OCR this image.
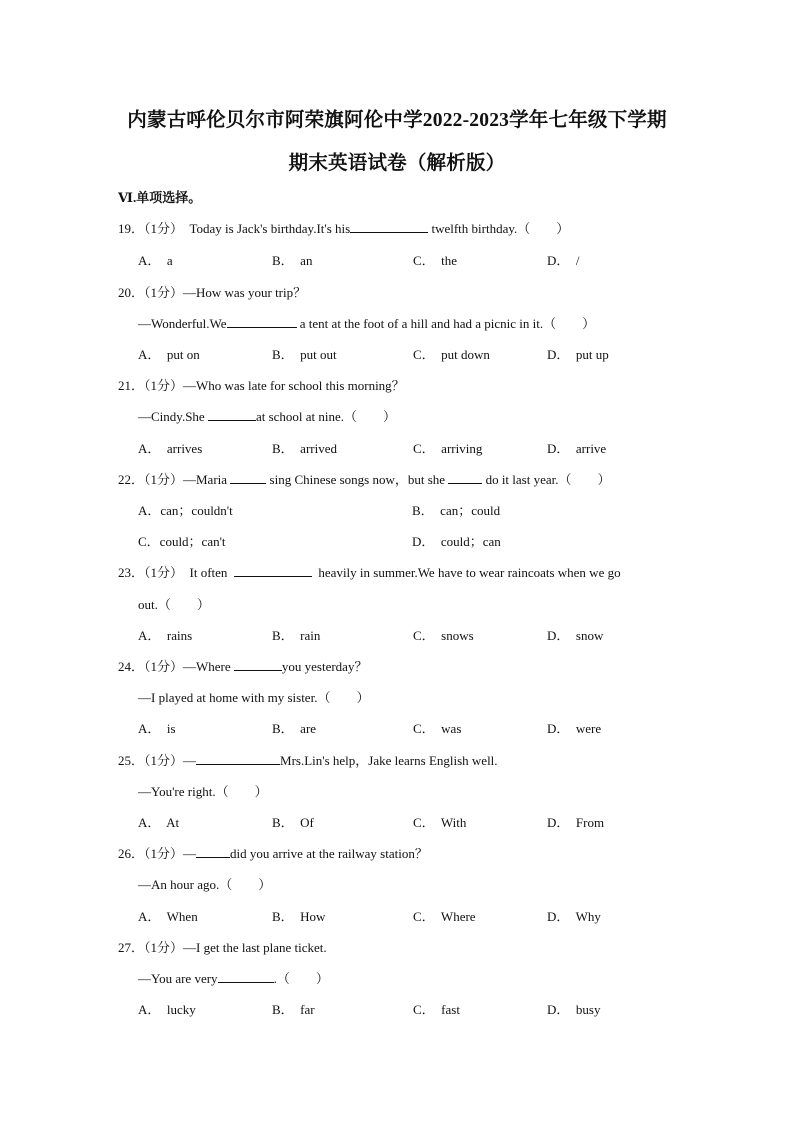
内蒙古呼伦贝尔市阿荣旗阿伦中学2022-2023学年七年级下学期
期末英语试卷（解析版）
Ⅵ.单项选择。
19．（1分）　Today is Jack's birthday.It's his	twelfth birthday.（　　）
A．  a	B．  an	C．  the	D．  /
20．（1分）—How was your trip？
—Wonderful.We	a tent at the foot of a hill and had a picnic in it.（　　）
A．  put on	B．  put out	C．  put down	D．  put up
21．（1分）—Who was late for school this morning？
—Cindy.She	at school at nine.（　　）
A．  arrives	B．  arrived	C．  arriving	D．  arrive
22．（1分）—Maria	sing Chinese songs now，but she	do it last year.（　　）
A．can；couldn't	B．  can；could
C．could；can't	D．  could；can
23．（1分）　It often	heavily in summer.We have to wear raincoats when we go
out.（　　）
A．  rains	B．  rain	C．  snows	D．  snow
24．（1分）—Where	you yesterday？
—I played at home with my sister.（　　）
A．  is	B．  are	C．  was	D．  were
25．（1分）—	Mrs.Lin's help，Jake learns English well.
—You're right.（　　）
A．  At	B．  Of	C．  With	D．  From
26．（1分）—	did you arrive at the railway station？
—An hour ago.（　　）
A．  When	B．  How	C．  Where	D．  Why
27．（1分）—I get the last plane ticket.
—You are very	.（　　）
A．  lucky	B．  far	C．  fast	D．  busy
